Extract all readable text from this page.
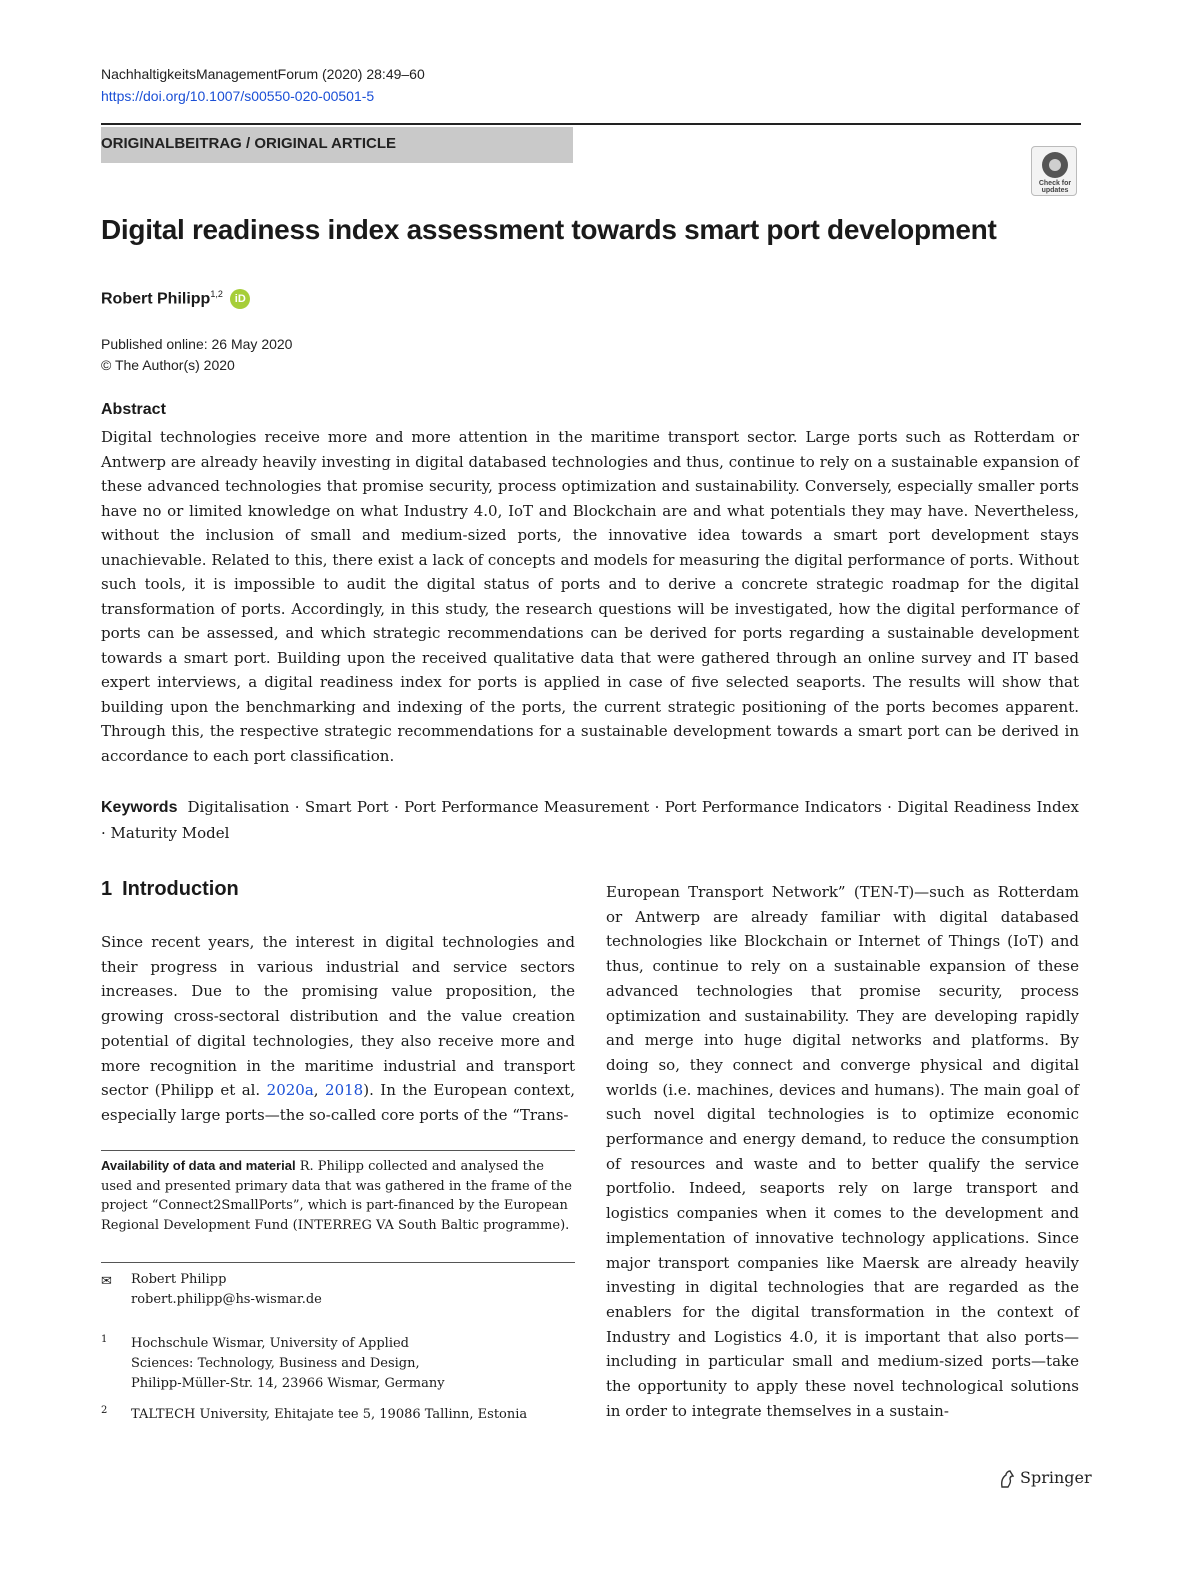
NachhaltigkeitsManagementForum (2020) 28:49–60
https://doi.org/10.1007/s00550-020-00501-5
ORIGINALBEITRAG / ORIGINAL ARTICLE
Check for updates
Digital readiness index assessment towards smart port development
Robert Philipp$^{1,2}$ iD
Published online: 26 May 2020
© The Author(s) 2020
Abstract

Digital technologies receive more and more attention in the maritime transport sector. Large ports such as Rotterdam or Antwerp are already heavily investing in digital databased technologies and thus, continue to rely on a sustainable expansion of these advanced technologies that promise security, process optimization and sustainability. Conversely, especially smaller ports have no or limited knowledge on what Industry 4.0, IoT and Blockchain are and what potentials they may have. Nevertheless, without the inclusion of small and medium-sized ports, the innovative idea towards a smart port development stays unachievable. Related to this, there exist a lack of concepts and models for measuring the digital performance of ports. Without such tools, it is impossible to audit the digital status of ports and to derive a concrete strategic roadmap for the digital transformation of ports. Accordingly, in this study, the research questions will be investigated, how the digital performance of ports can be assessed, and which strategic recommendations can be derived for ports regarding a sustainable development towards a smart port. Building upon the received qualitative data that were gathered through an online survey and IT based expert interviews, a digital readiness index for ports is applied in case of five selected seaports. The results will show that building upon the benchmarking and indexing of the ports, the current strategic positioning of the ports becomes apparent. Through this, the respective strategic recommendations for a sustainable development towards a smart port can be derived in accordance to each port classification.

Keywords Digitalisation · Smart Port · Port Performance Measurement · Port Performance Indicators · Digital Readiness Index · Maturity Model
1 Introduction

Since recent years, the interest in digital technologies and their progress in various industrial and service sectors increases. Due to the promising value proposition, the growing cross-sectoral distribution and the value creation potential of digital technologies, they also receive more and more recognition in the maritime industrial and transport sector (Philipp et al. 2020a, 2018). In the European context, especially large ports—the so-called core ports of the “Trans-

European Transport Network” (TEN-T)—such as Rotterdam or Antwerp are already familiar with digital databased technologies like Blockchain or Internet of Things (IoT) and thus, continue to rely on a sustainable expansion of these advanced technologies that promise security, process optimization and sustainability. They are developing rapidly and merge into huge digital networks and platforms. By doing so, they connect and converge physical and digital worlds (i.e. machines, devices and humans). The main goal of such novel digital technologies is to optimize economic performance and energy demand, to reduce the consumption of resources and waste and to better qualify the service portfolio. Indeed, seaports rely on large transport and logistics companies when it comes to the development and implementation of innovative technology applications. Since major transport companies like Maersk are already heavily investing in digital technologies that are regarded as the enablers for the digital transformation in the context of Industry and Logistics 4.0, it is important that also ports—including in particular small and medium-sized ports—take the opportunity to apply these novel technological solutions in order to integrate themselves in a sustain-

Availability of data and material R. Philipp collected and analysed the used and presented primary data that was gathered in the frame of the project “Connect2SmallPorts”, which is part-financed by the European Regional Development Fund (INTERREG VA South Baltic programme).
✉ Robert Philipp
robert.philipp@hs-wismar.de
1 Hochschule Wismar, University of Applied
Sciences: Technology, Business and Design,
Philipp-Müller-Str. 14, 23966 Wismar, Germany
2 TALTECH University, Ehitajate tee 5, 19086 Tallinn, Estonia
Springer
